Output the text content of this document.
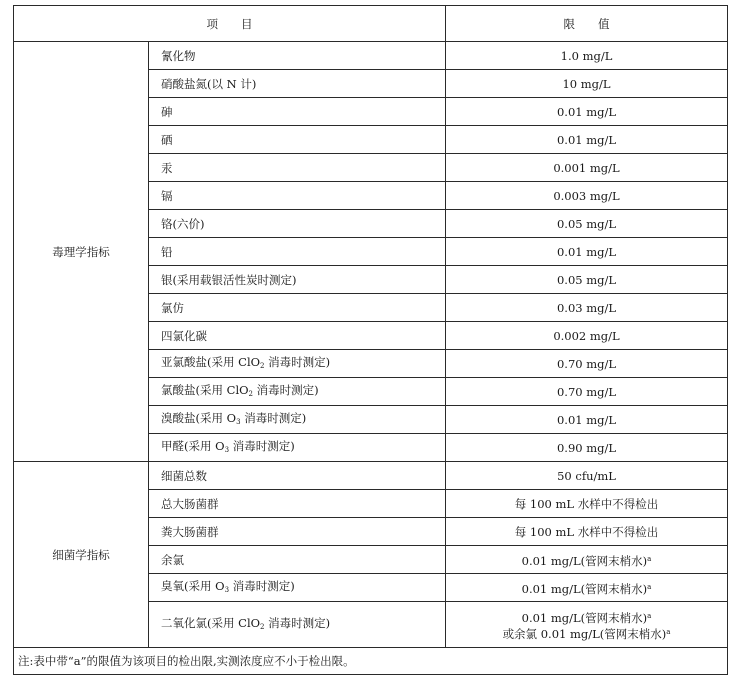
项　　目		限　　值
毒理学指标	氰化物	1.0 mg/L

	硝酸盐氮(以 N 计)	10 mg/L

	砷	0.01 mg/L

	硒	0.01 mg/L

	汞	0.001 mg/L

	镉	0.003 mg/L

	铬(六价)	0.05 mg/L

	铅	0.01 mg/L

	银(采用载银活性炭时测定)	0.05 mg/L

	氯仿	0.03 mg/L

	四氯化碳	0.002 mg/L

	亚氯酸盐(采用 ClO$_2$ 消毒时测定)	0.70 mg/L

	氯酸盐(采用 ClO$_2$ 消毒时测定)	0.70 mg/L

	溴酸盐(采用 $O_3$ 消毒时测定)	0.01 mg/L

	甲醛(采用 $O_3$ 消毒时测定)	0.90 mg/L

细菌学指标	细菌总数	50 cfu/mL

	总大肠菌群	每 100 mL 水样中不得检出

	粪大肠菌群	每 100 mL 水样中不得检出

	余氯	0.01 mg/L(管网末梢水)$^a$

	臭氧(采用 $O_3$ 消毒时测定)	0.01 mg/L(管网末梢水)$^a$

	二氧化氯(采用 ClO$_2$ 消毒时测定)	0.01 mg/L(管网末梢水)$^a$
或余氯 0.01 mg/L(管网末梢水)$^a$

注:表中带“a”的限值为该项目的检出限,实测浓度应不小于检出限。		
